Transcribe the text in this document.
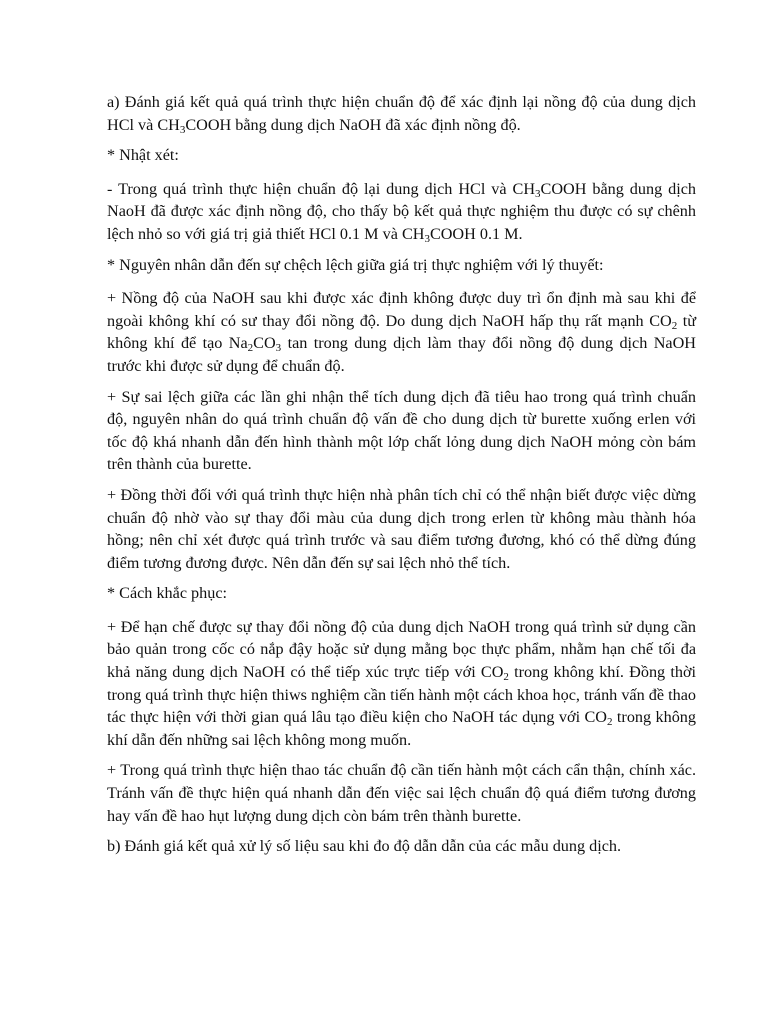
a) Đánh giá kết quả quá trình thực hiện chuẩn độ để xác định lại nồng độ của dung dịch HCl và $CH_3COOH$ bằng dung dịch NaOH đã xác định nồng độ.

* Nhật xét:

- Trong quá trình thực hiện chuẩn độ lại dung dịch HCl và $CH_3COOH$ bằng dung dịch NaoH đã được xác định nồng độ, cho thấy bộ kết quả thực nghiệm thu được có sự chênh lệch nhỏ so với giá trị giả thiết HCl 0.1 M và $CH_3COOH$ 0.1 M.

* Nguyên nhân dẫn đến sự chệch lệch giữa giá trị thực nghiệm với lý thuyết:

+ Nồng độ của NaOH sau khi được xác định không được duy trì ổn định mà sau khi để ngoài không khí có sư thay đổi nồng độ. Do dung dịch NaOH hấp thụ rất mạnh $CO_2$ từ không khí để tạo $Na_2CO_3$ tan trong dung dịch làm thay đổi nồng độ dung dịch NaOH trước khi được sử dụng để chuẩn độ.

+ Sự sai lệch giữa các lần ghi nhận thể tích dung dịch đã tiêu hao trong quá trình chuẩn độ, nguyên nhân do quá trình chuẩn độ vấn đề cho dung dịch từ burette xuống erlen với tốc độ khá nhanh dẫn đến hình thành một lớp chất lỏng dung dịch NaOH mỏng còn bám trên thành của burette.

+ Đồng thời đối với quá trình thực hiện nhà phân tích chỉ có thể nhận biết được việc dừng chuẩn độ nhờ vào sự thay đổi màu của dung dịch trong erlen từ không màu thành hóa hồng; nên chỉ xét được quá trình trước và sau điểm tương đương, khó có thể dừng đúng điểm tương đương được. Nên dẫn đến sự sai lệch nhỏ thể tích.

* Cách khắc phục:

+ Để hạn chế được sự thay đổi nồng độ của dung dịch NaOH trong quá trình sử dụng cần bảo quản trong cốc có nắp đậy hoặc sử dụng mằng bọc thực phẩm, nhằm hạn chế tối đa khả năng dung dịch NaOH có thể tiếp xúc trực tiếp với $CO_2$ trong không khí. Đồng thời trong quá trình thực hiện thiws nghiệm cần tiến hành một cách khoa học, tránh vấn đề thao tác thực hiện với thời gian quá lâu tạo điều kiện cho NaOH tác dụng với $CO_2$ trong không khí dẫn đến những sai lệch không mong muốn.

+ Trong quá trình thực hiện thao tác chuẩn độ cần tiến hành một cách cẩn thận, chính xác. Tránh vấn đề thực hiện quá nhanh dẫn đến việc sai lệch chuẩn độ quá điểm tương đương hay vấn đề hao hụt lượng dung dịch còn bám trên thành burette.

b) Đánh giá kết quả xử lý số liệu sau khi đo độ dẫn dẫn của các mẫu dung dịch.
